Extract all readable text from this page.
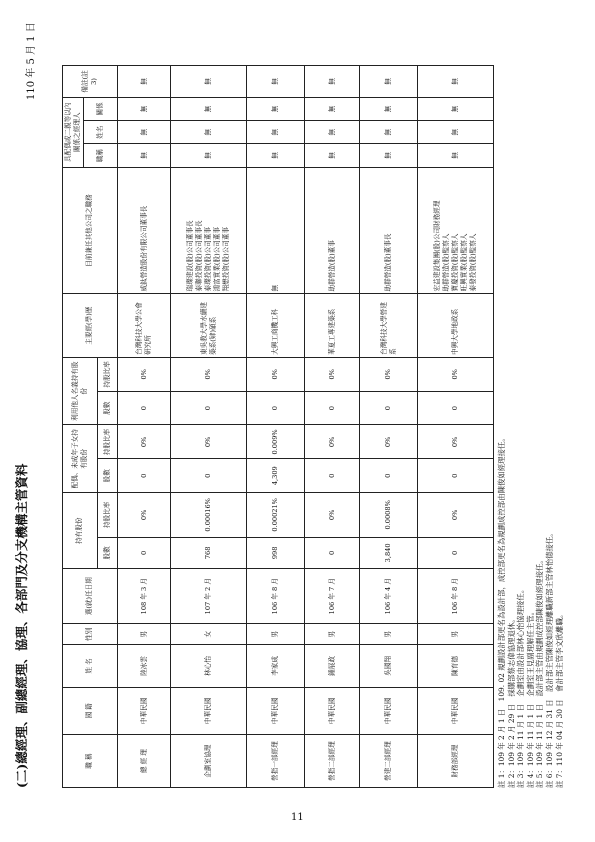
(二)總經理、副總經理、協理、各部門及分支機構主管資料
110 年 5 月 1 日
職 稱	國 籍	姓 名	性別	選(就)任日期	持有股份		配偶、未成年子女持有股份		利用他人名義持有股份		主要經(學)歷	目前兼任其他公司之職務	具配偶或二親等以內關係之經理人			備註(註 3)
													職稱	姓名	關係	
					股數	持股比率	股數	持股比率	股數	持股比率						
總 經 理	中華民國	陸冰雲	男	108 年 3 月	0	0%	0	0%	0	0%	台灣科技大學公會研究所	威鈦營造股份有限公司董事長	無	無	無	無
企劃室協理	中華民國	林心怡	女	107 年 2 月	768	0.00016%	0	0%	0	0%	東吳教大學水續建築系(肄)碩系	瑞璨建設(股)公司董事長
泰聯投資(股)公司董事長
泰璨投資(股)公司董事
鴻富實業(股)公司董事
翔懋投資(股)公司董事	無	無	無	無
營指一部經理	中華民國	李家成	男	106 年 8 月	998	0.00021%	4,309	0.009%	0	0%	大興工商機工科	無	無	無	無	無
營指二部經理	中華民國	鍾展政	男	106 年 7 月	0	0%	0	0%	0	0%	華夏工專建築系	助群營造(股)董事	無	無	無	無
營建二部經理	中華民國	吳國翔	男	106 年 4 月	3,840	0.0008%	0	0%	0	0%	台灣科技大學營建系	助群營造(股)董事長	無	無	無	無
財務部經理	中華民國	陳育德	男	106 年 8 月	0	0%	0	0%	0	0%	中興大學地政系	宏益建設集團(股)公司財務經理
助群營造(股)監察人
寶慶投資(股)監察人
旺興實業(股)監察人
泰發投資(股)監察人	無	無	無	無
註 1：109 年 2 月 1 日　109. 02 規劃設計部更名為設計部，成控部更名為規劃成控部由陳俊如經理接任。 註 2：109 年 2 月 29 日　採購部蔡志偉協理退休。 註 3：109 年 11 月 1 日　企劃室由設計部林心怡協理接任。 註 4：109 年 11 月 1 日　企劃室王見副理解任主管。 註 5：109 年 11 月 1 日　設計部主管由規劃成控部陳俊如經理接任。 註 6：109 年 12 月 31 日　設計部主管陳俊如經理離職新部主管林怡德接任。 註 7：110 年 04 月 30 日　會計部主管李文欣離職。
11
